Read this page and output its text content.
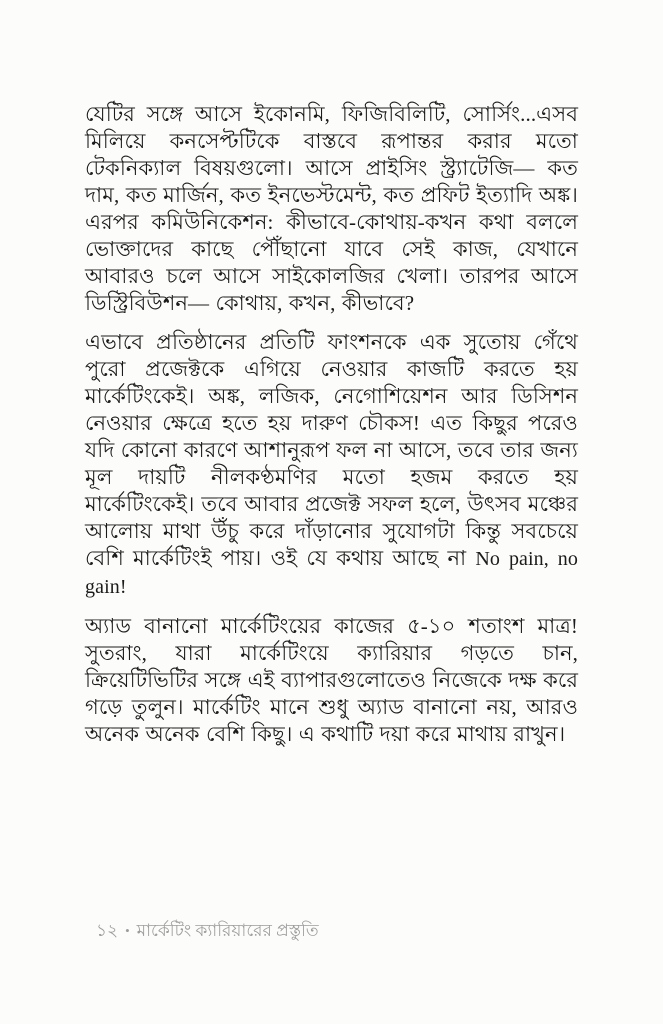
যেটির সঙ্গে আসে ইকোনমি, ফিজিবিলিটি, সোর্সিং...এসব মিলিয়ে কনসেপ্টটিকে বাস্তবে রূপান্তর করার মতো টেকনিক্যাল বিষয়গুলো। আসে প্রাইসিং স্ট্র্যাটেজি— কত দাম, কত মার্জিন, কত ইনভেস্টমেন্ট, কত প্রফিট ইত্যাদি অঙ্ক। এরপর কমিউনিকেশন: কীভাবে-কোথায়-কখন কথা বললে ভোক্তাদের কাছে পৌঁছানো যাবে সেই কাজ, যেখানে আবারও চলে আসে সাইকোলজির খেলা। তারপর আসে ডিস্ট্রিবিউশন— কোথায়, কখন, কীভাবে?

এভাবে প্রতিষ্ঠানের প্রতিটি ফাংশনকে এক সুতোয় গেঁথে পুরো প্রজেক্টকে এগিয়ে নেওয়ার কাজটি করতে হয় মার্কেটিংকেই। অঙ্ক, লজিক, নেগোশিয়েশন আর ডিসিশন নেওয়ার ক্ষেত্রে হতে হয় দারুণ চৌকস! এত কিছুর পরেও যদি কোনো কারণে আশানুরূপ ফল না আসে, তবে তার জন্য মূল দায়টি নীলকণ্ঠমণির মতো হজম করতে হয় মার্কেটিংকেই। তবে আবার প্রজেক্ট সফল হলে, উৎসব মঞ্চের আলোয় মাথা উঁচু করে দাঁড়ানোর সুযোগটা কিন্তু সবচেয়ে বেশি মার্কেটিংই পায়। ওই যে কথায় আছে না No pain, no gain!

অ্যাড বানানো মার্কেটিংয়ের কাজের ৫-১০ শতাংশ মাত্র! সুতরাং, যারা মার্কেটিংয়ে ক্যারিয়ার গড়তে চান, ক্রিয়েটিভিটির সঙ্গে এই ব্যাপারগুলোতেও নিজেকে দক্ষ করে গড়ে তুলুন। মার্কেটিং মানে শুধু অ্যাড বানানো নয়, আরও অনেক অনেক বেশি কিছু। এ কথাটি দয়া করে মাথায় রাখুন।

১২ • মার্কেটিং ক্যারিয়ারের প্রস্তুতি
